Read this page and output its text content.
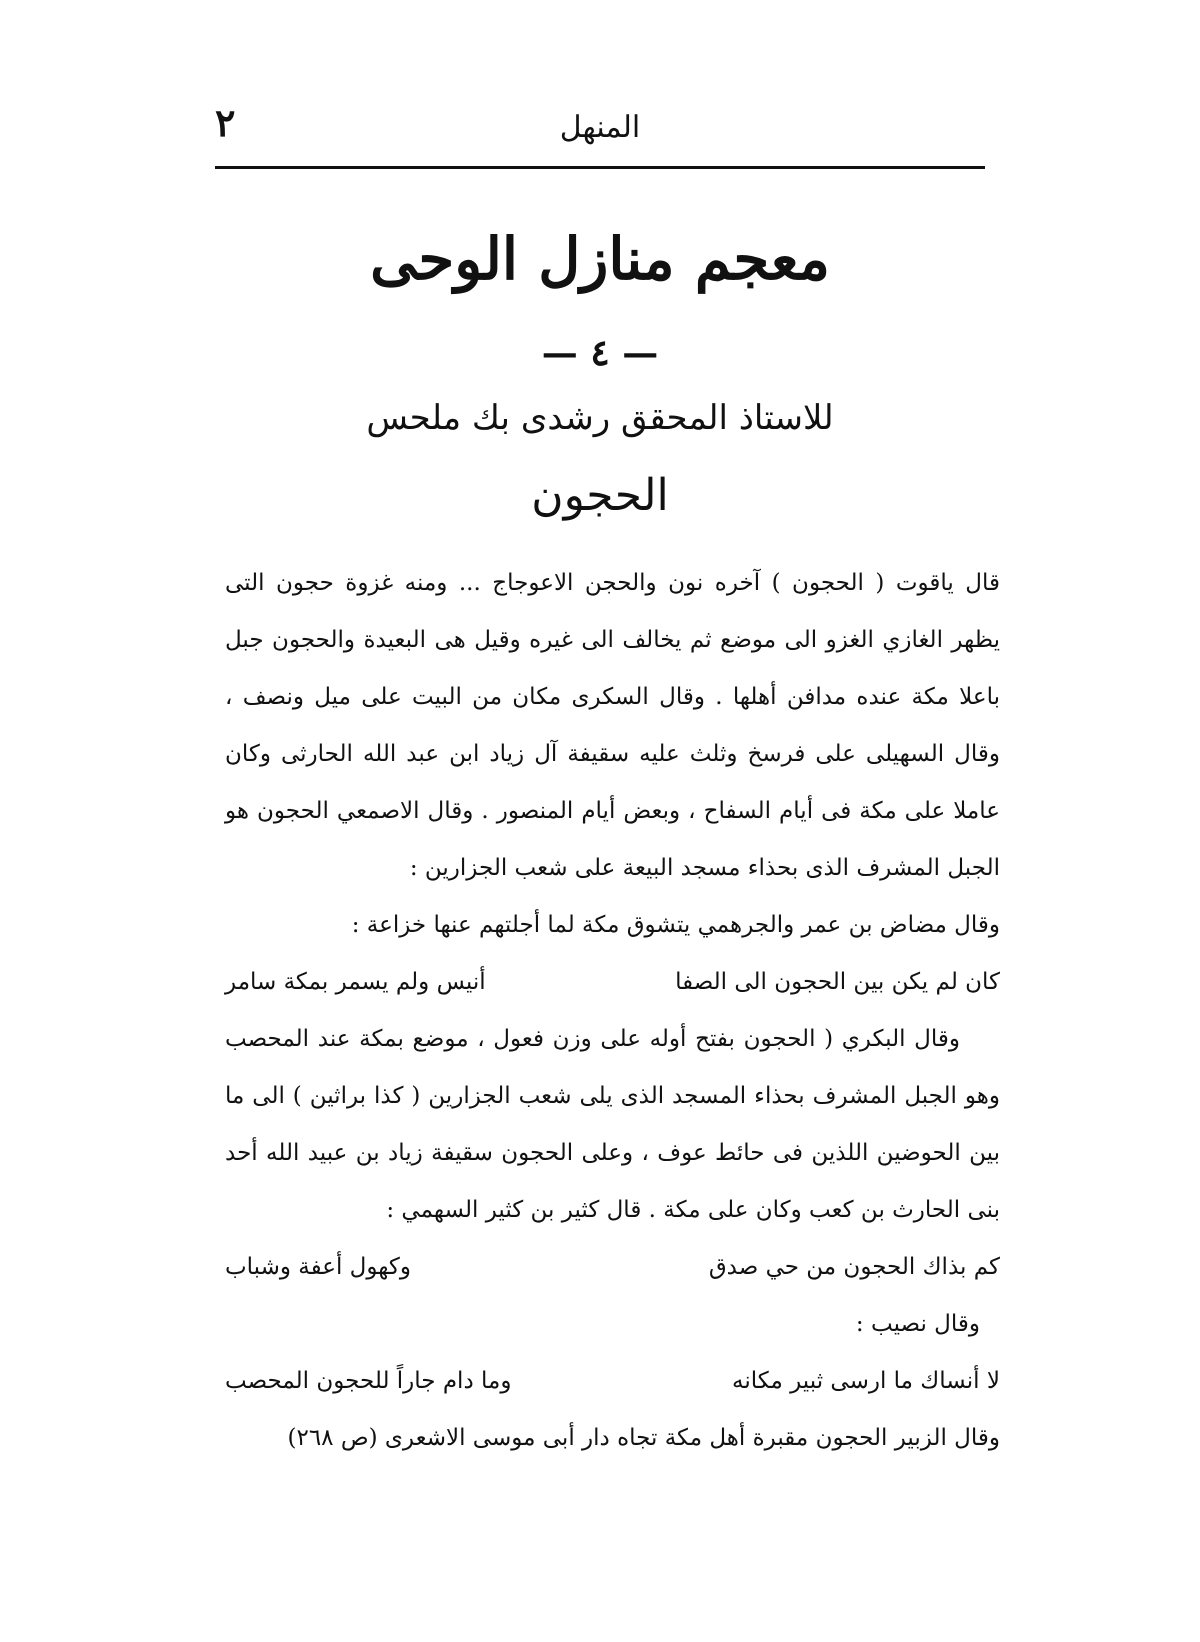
٢	المنهل
معجم منازل الوحى
— ٤ —
للاستاذ المحقق رشدى بك ملحس
الحجون
قال ياقوت ( الحجون ) آخره نون والحجن الاعوجاج ... ومنه غزوة حجون التى يظهر الغازي الغزو الى موضع ثم يخالف الى غيره وقيل هى البعيدة والحجون جبل باعلا مكة عنده مدافن أهلها . وقال السكرى مكان من البيت على ميل ونصف ، وقال السهيلى على فرسخ وثلث عليه سقيفة آل زياد ابن عبد الله الحارثى وكان عاملا على مكة فى أيام السفاح ، وبعض أيام المنصور . وقال الاصمعي الحجون هو الجبل المشرف الذى بحذاء مسجد البيعة على شعب الجزارين :
وقال مضاض بن عمر والجرهمي يتشوق مكة لما أجلتهم عنها خزاعة :
كان لم يكن بين الحجون الى الصفا
أنيس ولم يسمر بمكة سامر
وقال البكري ( الحجون بفتح أوله على وزن فعول ، موضع بمكة عند المحصب وهو الجبل المشرف بحذاء المسجد الذى يلى شعب الجزارين ( كذا براثين ) الى ما بين الحوضين اللذين فى حائط عوف ، وعلى الحجون سقيفة زياد بن عبيد الله أحد بنى الحارث بن كعب وكان على مكة . قال كثير بن كثير السهمي :
كم بذاك الحجون من حي صدق
وكهول أعفة وشباب
وقال نصيب :
لا أنساك ما ارسى ثبير مكانه
وما دام جاراً للحجون المحصب
وقال الزبير الحجون مقبرة أهل مكة تجاه دار أبى موسى الاشعرى (ص ٢٦٨)
